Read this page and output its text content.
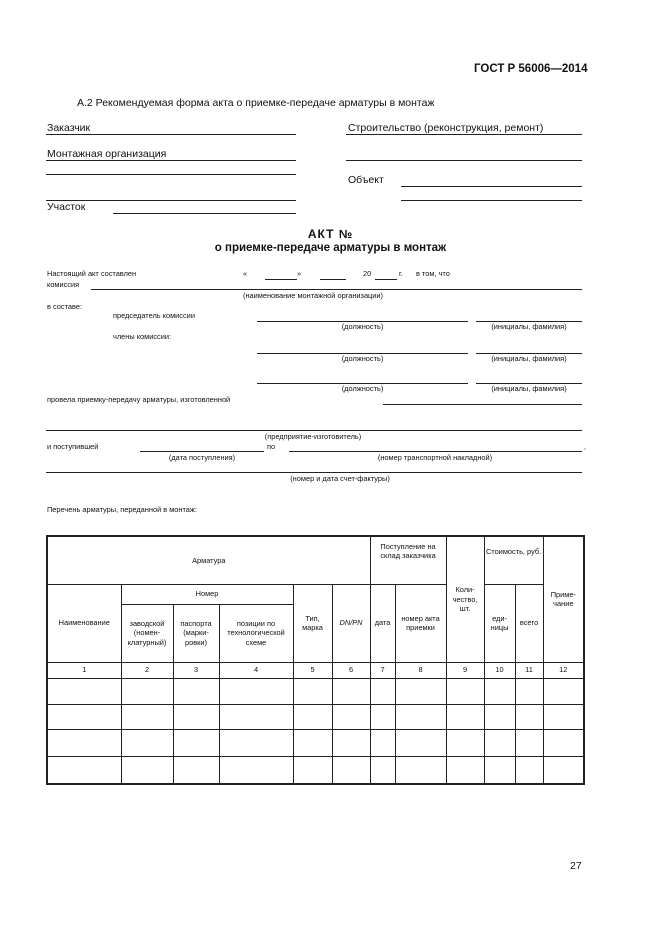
ГОСТ Р 56006—2014
А.2 Рекомендуемая форма акта о приемке-передаче арматуры в монтаж
Заказчик	Строительство (реконструкция, ремонт)
Монтажная организация
Объект
Участок
АКТ №
о приемке-передаче арматуры в монтаж
Настоящий акт составлен	«	»	20	г. в том, что
комиссия
(наименование монтажной организации)
в составе:
председатель комиссии
(должность)	(инициалы, фамилия)
члены комиссии:
(должность)	(инициалы, фамилия)
(должность)	(инициалы, фамилия)
провела приемку-передачу арматуры, изготовленной
(предприятие-изготовитель)
и поступившей	по	,
(дата поступления)	(номер транспортной накладной)
(номер и дата счет-фактуры)
Перечень арматуры, переданной в монтаж:
Арматура						Поступление на склад заказчика		Коли-чество, шт.	Стоимость, руб.		Приме-чание
Наименование	Номер			Тип, марка	DN/PN	дата	номер акта приемки		еди-ницы	всего	
	заводской (номен-клатурный)	паспорта (марки-ровки)	позиции по технологической схеме								
1	2	3	4	5	6	7	8	9	10	11	12

27
